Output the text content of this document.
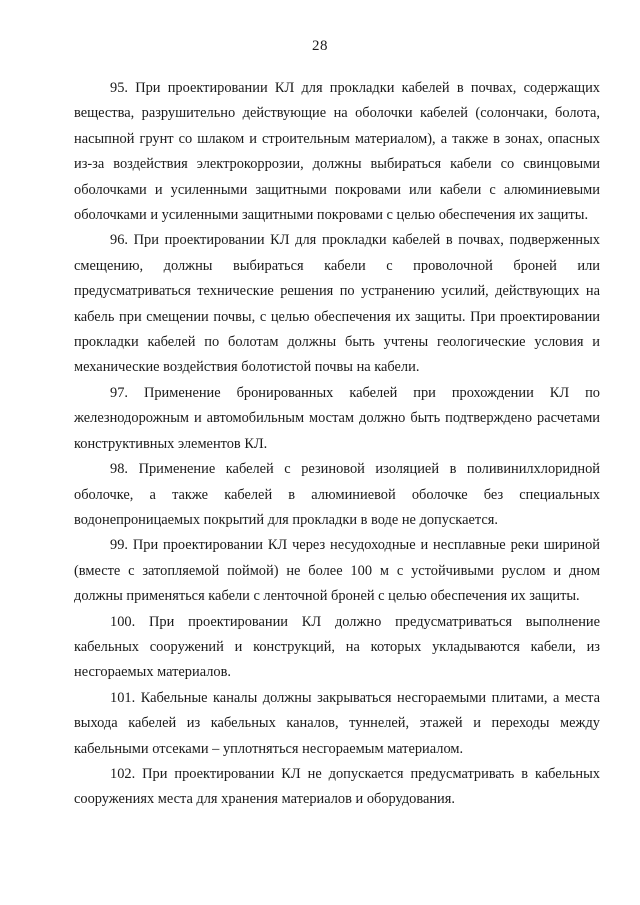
28

95. При проектировании КЛ для прокладки кабелей в почвах, содержащих вещества, разрушительно действующие на оболочки кабелей (солончаки, болота, насыпной грунт со шлаком и строительным материалом), а также в зонах, опасных из-за воздействия электрокоррозии, должны выбираться кабели со свинцовыми оболочками и усиленными защитными покровами или кабели с алюминиевыми оболочками и усиленными защитными покровами с целью обеспечения их защиты.

96. При проектировании КЛ для прокладки кабелей в почвах, подверженных смещению, должны выбираться кабели с проволочной броней или предусматриваться технические решения по устранению усилий, действующих на кабель при смещении почвы, с целью обеспечения их защиты. При проектировании прокладки кабелей по болотам должны быть учтены геологические условия и механические воздействия болотистой почвы на кабели.

97. Применение бронированных кабелей при прохождении КЛ по железнодорожным и автомобильным мостам должно быть подтверждено расчетами конструктивных элементов КЛ.

98. Применение кабелей с резиновой изоляцией в поливинилхлоридной оболочке, а также кабелей в алюминиевой оболочке без специальных водонепроницаемых покрытий для прокладки в воде не допускается.

99. При проектировании КЛ через несудоходные и несплавные реки шириной (вместе с затопляемой поймой) не более 100 м с устойчивыми руслом и дном должны применяться кабели с ленточной броней с целью обеспечения их защиты.

100. При проектировании КЛ должно предусматриваться выполнение кабельных сооружений и конструкций, на которых укладываются кабели, из несгораемых материалов.

101. Кабельные каналы должны закрываться несгораемыми плитами, а места выхода кабелей из кабельных каналов, туннелей, этажей и переходы между кабельными отсеками – уплотняться несгораемым материалом.

102. При проектировании КЛ не допускается предусматривать в кабельных сооружениях места для хранения материалов и оборудования.
